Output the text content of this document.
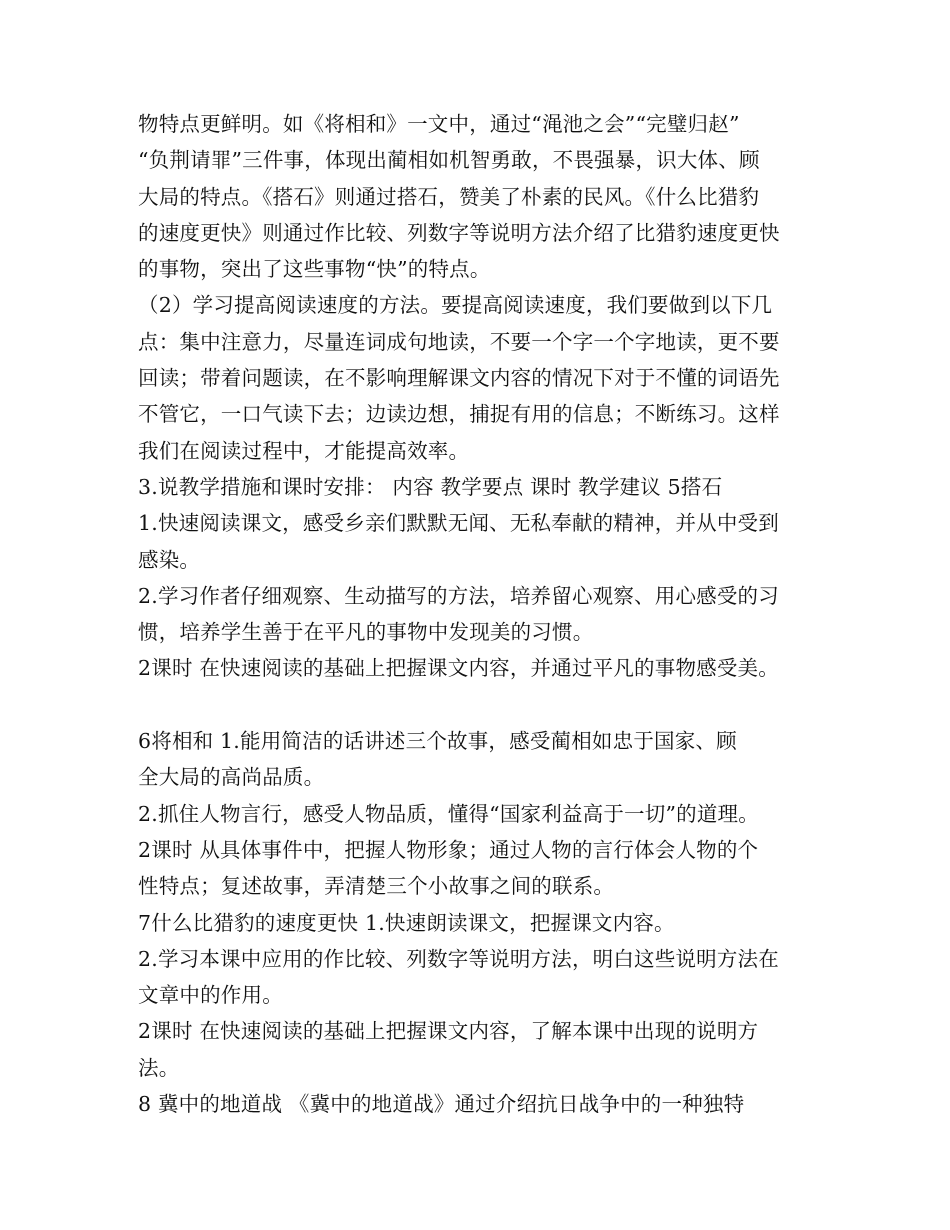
物特点更鲜明。如《将相和》一文中，通过“渑池之会”“完璧归赵”
“负荆请罪”三件事，体现出蔺相如机智勇敢，不畏强暴，识大体、顾
大局的特点。《搭石》则通过搭石，赞美了朴素的民风。《什么比猎豹
的速度更快》则通过作比较、列数字等说明方法介绍了比猎豹速度更快
的事物，突出了这些事物“快”的特点。
（2）学习提高阅读速度的方法。要提高阅读速度，我们要做到以下几
点：集中注意力，尽量连词成句地读，不要一个字一个字地读，更不要
回读；带着问题读，在不影响理解课文内容的情况下对于不懂的词语先
不管它，一口气读下去；边读边想，捕捉有用的信息；不断练习。这样
我们在阅读过程中，才能提高效率。
3.说教学措施和课时安排： 内容 教学要点 课时 教学建议 5搭石
1.快速阅读课文，感受乡亲们默默无闻、无私奉献的精神，并从中受到
感染。
2.学习作者仔细观察、生动描写的方法，培养留心观察、用心感受的习
惯，培养学生善于在平凡的事物中发现美的习惯。
2课时 在快速阅读的基础上把握课文内容，并通过平凡的事物感受美。
6将相和 1.能用简洁的话讲述三个故事，感受蔺相如忠于国家、顾
全大局的高尚品质。
2.抓住人物言行，感受人物品质，懂得“国家利益高于一切”的道理。
2课时 从具体事件中，把握人物形象；通过人物的言行体会人物的个
性特点；复述故事，弄清楚三个小故事之间的联系。
7什么比猎豹的速度更快 1.快速朗读课文，把握课文内容。
2.学习本课中应用的作比较、列数字等说明方法，明白这些说明方法在
文章中的作用。
2课时 在快速阅读的基础上把握课文内容，了解本课中出现的说明方
法。
8 冀中的地道战 《冀中的地道战》通过介绍抗日战争中的一种独特
